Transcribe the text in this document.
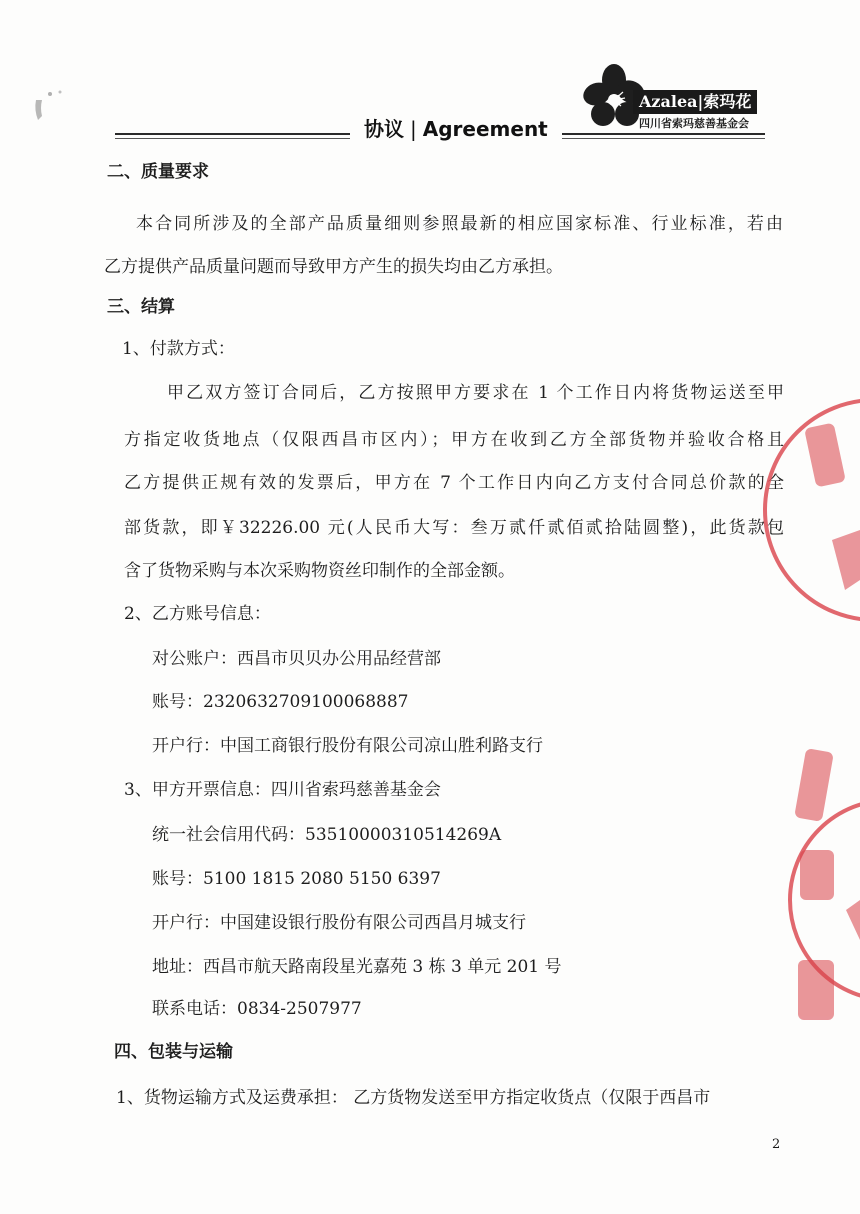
协议 | Agreement
Azalea|索玛花
四川省索玛慈善基金会
二、质量要求
本合同所涉及的全部产品质量细则参照最新的相应国家标准、行业标准，若由
乙方提供产品质量问题而导致甲方产生的损失均由乙方承担。
三、结算
1、付款方式：
甲乙双方签订合同后，乙方按照甲方要求在 1 个工作日内将货物运送至甲
方指定收货地点（仅限西昌市区内）；甲方在收到乙方全部货物并验收合格且
乙方提供正规有效的发票后，甲方在 7 个工作日内向乙方支付合同总价款的全
部货款，即￥32226.00 元(人民币大写：叁万贰仟贰佰贰拾陆圆整)，此货款包
含了货物采购与本次采购物资丝印制作的全部金额。
2、乙方账号信息：
对公账户：西昌市贝贝办公用品经营部
账号：2320632709100068887
开户行：中国工商银行股份有限公司凉山胜利路支行
3、甲方开票信息：四川省索玛慈善基金会
统一社会信用代码：53510000310514269A
账号：5100 1815 2080 5150 6397
开户行：中国建设银行股份有限公司西昌月城支行
地址：西昌市航天路南段星光嘉苑 3 栋 3 单元 201 号
联系电话：0834-2507977
四、包装与运输
1、货物运输方式及运费承担： 乙方货物发送至甲方指定收货点（仅限于西昌市
2
